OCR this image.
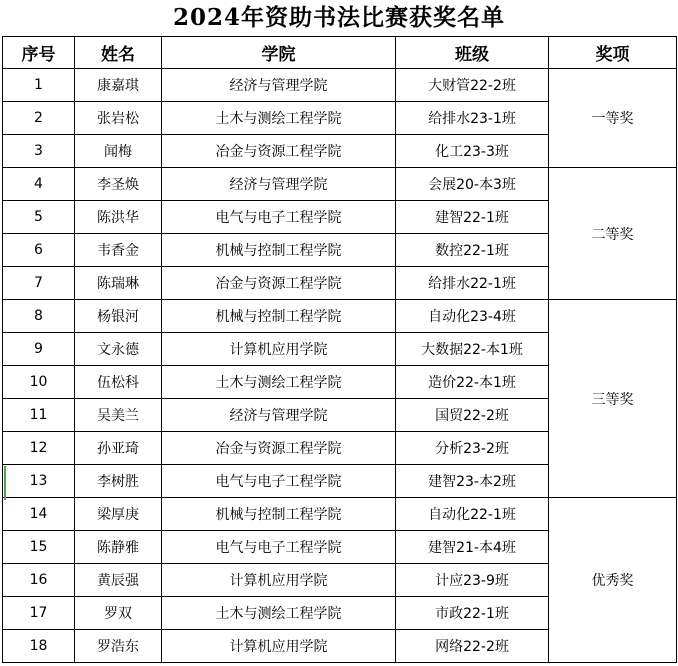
2024年资助书法比赛获奖名单
序号	姓名	学院	班级	奖项
1	康嘉琪	经济与管理学院	大财管22-2班	一等奖
2	张岩松	土木与测绘工程学院	给排水23-1班	
3	闻梅	冶金与资源工程学院	化工23-3班	
4	李圣焕	经济与管理学院	会展20-本3班	二等奖
5	陈洪华	电气与电子工程学院	建智22-1班	
6	韦香金	机械与控制工程学院	数控22-1班	
7	陈瑞琳	冶金与资源工程学院	给排水22-1班	
8	杨银河	机械与控制工程学院	自动化23-4班	三等奖
9	文永德	计算机应用学院	大数据22-本1班	
10	伍松科	土木与测绘工程学院	造价22-本1班	
11	吴美兰	经济与管理学院	国贸22-2班	
12	孙亚琦	冶金与资源工程学院	分析23-2班	
13	李树胜	电气与电子工程学院	建智23-本2班	
14	梁厚庚	机械与控制工程学院	自动化22-1班	优秀奖
15	陈静雅	电气与电子工程学院	建智21-本4班	
16	黄辰强	计算机应用学院	计应23-9班	
17	罗双	土木与测绘工程学院	市政22-1班	
18	罗浩东	计算机应用学院	网络22-2班	
